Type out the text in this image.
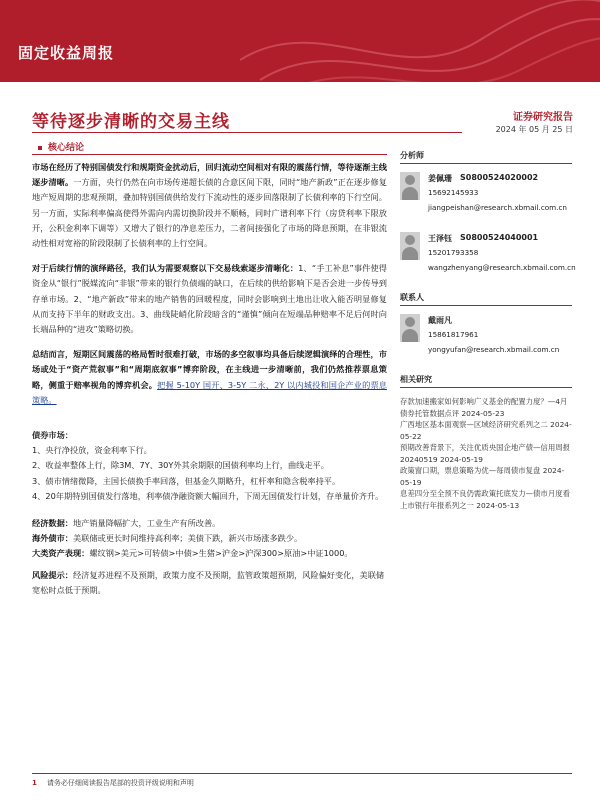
固定收益周报
等待逐步清晰的交易主线	证券研究报告
2024 年 05 月 25 日
核心结论

市场在经历了特别国债发行和规期资金扰动后，回归流动空间相对有限的震荡行情，等待逐渐主线逐步清晰。一方面，央行仍然在向市场传递超长债的合意区间下限，同时“地产新政”正在逐步修复地产短周期的悲观预期，叠加特别国债供给发行下流动性的逐步回落限制了长债利率的下行空间。另一方面，实际利率偏高使得外需向内需切换阶段并不顺畅，同时广谱利率下行（房贷利率下限放开，公积金利率下调等）又增大了银行的净息差压力，二者间接强化了市场的降息预期，在非银流动性相对宽裕的阶段限制了长债利率的上行空间。

对于后续行情的演绎路径，我们认为需要观察以下交易线索逐步清晰化：1、“手工补息”事件使得资金从“银行”脱媒流向“非银”带来的银行负债端的缺口，在后续的供给影响下是否会进一步传导到存单市场。2、“地产新政”带来的地产销售的回暖程度，同时会影响到土地出让收入能否明显修复从而支持下半年的财政支出。3、曲线陡峭化阶段暗含的“谨慎”倾向在短端品种赔率不足后何时向长端品种的“进攻”策略切换。

总结而言，短期区间震荡的格局暂时很难打破，市场的多空叙事均具备后续逻辑演绎的合理性，市场或处于“资产荒叙事”和“周期底叙事”博弈阶段，在主线进一步清晰前，我们仍然推荐票息策略，侧重于赔率视角的博弈机会。把握 5-10Y 国开、3-5Y 二永、2Y 以内城投和国企产业的票息策略。

债券市场：
1、央行净投放，资金利率下行。
2、收益率整体上行，除3M、7Y、30Y外其余期限的国债利率均上行，曲线走平。
3、债市情绪微降，主国长债换手率回落，但基金久期略升，杠杆率和隐含税率持平。
4、20年期特别国债发行落地，利率债净融资额大幅回升，下周无国债发行计划，存单量价齐升。
经济数据：地产销量降幅扩大，工业生产有所改善。
海外债市：美联储或更长时间维持高利率；美债下跌，新兴市场涨多跌少。
大类资产表现：螺纹钢>美元>可转债>中债>生猪>沪金>沪深300>原油>中证1000。
风险提示：经济复苏进程不及预期，政策力度不及预期，监管政策超预期，风险偏好变化，美联储宽松时点低于预期。
分析师
姜佩珊 S0800524020002
15692145933
jiangpeishan@research.xbmail.com.cn
王泽钰 S0800524040001
15201793358
wangzhenyang@research.xbmail.com.cn
联系人
戴雨凡
15861817961
yongyufan@research.xbmail.com.cn
相关研究
存款加速搬家如何影响广义基金的配置力度？—4月债券托管数据点评 2024-05-23
广西地区基本面观察—区域经济研究系列之二 2024-05-22
预期改善背景下，关注优质央国企地产债—信用周报 20240519 2024-05-19
政策窗口期，票息策略为优—每周债市复盘 2024-05-19
息差四分至全预不良仍需政策托底发力—债市月度看上市银行年报系列之一 2024-05-13
1 请务必仔细阅读报告尾部的投资评级说明和声明
